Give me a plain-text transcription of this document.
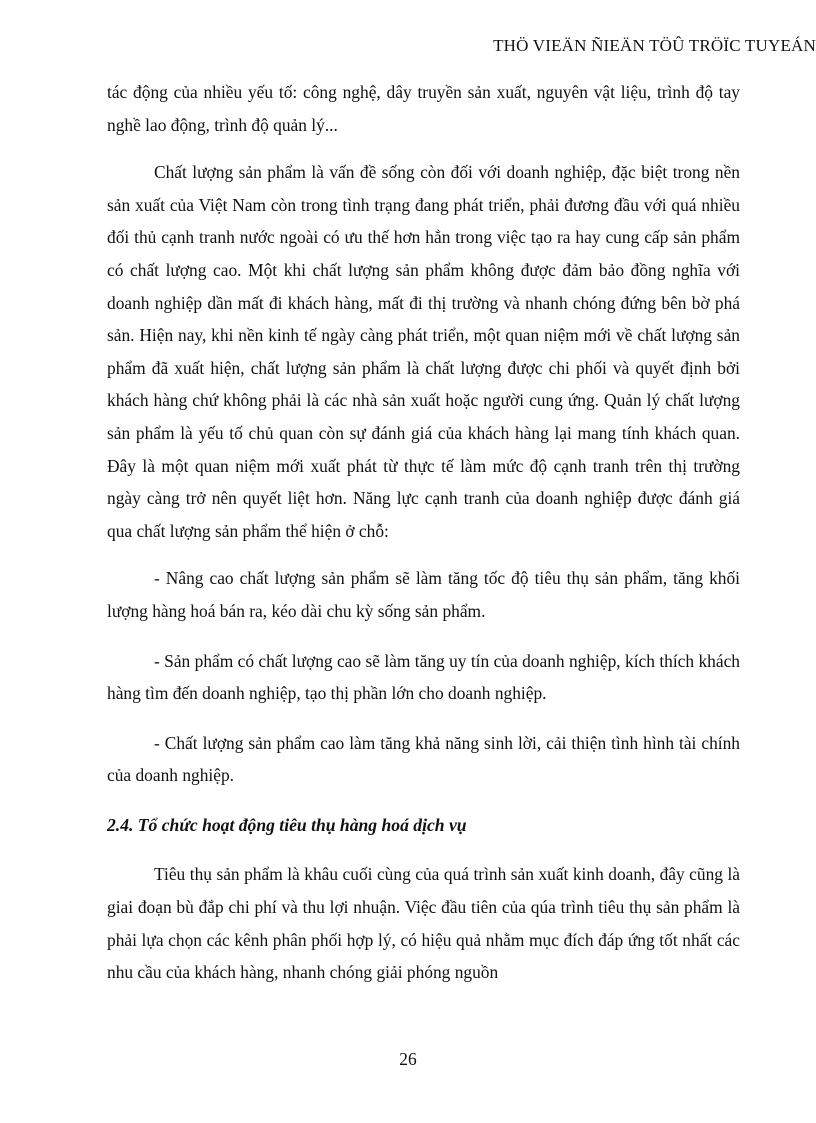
THÖ VIEÄN ÑIEÄN TÖÛ TRÖÏC TUYEÁN

tác động của nhiều yếu tố: công nghệ, dây truyền sản xuất, nguyên vật liệu, trình độ tay nghề lao động, trình độ quản lý...

Chất lượng sản phẩm là vấn đề sống còn đối với doanh nghiệp, đặc biệt trong nền sản xuất của Việt Nam còn trong tình trạng đang phát triển, phải đương đầu với quá nhiều đối thủ cạnh tranh nước ngoài có ưu thế hơn hẳn trong việc tạo ra hay cung cấp sản phẩm có chất lượng cao. Một khi chất lượng sản phẩm không được đảm bảo đồng nghĩa với doanh nghiệp dần mất đi khách hàng, mất đi thị trường và nhanh chóng đứng bên bờ phá sản. Hiện nay, khi nền kinh tế ngày càng phát triển, một quan niệm mới về chất lượng sản phẩm đã xuất hiện, chất lượng sản phẩm là chất lượng được chi phối và quyết định bởi khách hàng chứ không phải là các nhà sản xuất hoặc người cung ứng. Quản lý chất lượng sản phẩm là yếu tố chủ quan còn sự đánh giá của khách hàng lại mang tính khách quan. Đây là một quan niệm mới xuất phát từ thực tế làm mức độ cạnh tranh trên thị trường ngày càng trở nên quyết liệt hơn. Năng lực cạnh tranh của doanh nghiệp được đánh giá qua chất lượng sản phẩm thể hiện ở chỗ:

- Nâng cao chất lượng sản phẩm sẽ làm tăng tốc độ tiêu thụ sản phẩm, tăng khối lượng hàng hoá bán ra, kéo dài chu kỳ sống sản phẩm.

- Sản phẩm có chất lượng cao sẽ làm tăng uy tín của doanh nghiệp, kích thích khách hàng tìm đến doanh nghiệp, tạo thị phần lớn cho doanh nghiệp.

- Chất lượng sản phẩm cao làm tăng khả năng sinh lời, cải thiện tình hình tài chính của doanh nghiệp.

2.4. Tổ chức hoạt động tiêu thụ hàng hoá dịch vụ

Tiêu thụ sản phẩm là khâu cuối cùng của quá trình sản xuất kinh doanh, đây cũng là giai đoạn bù đắp chi phí và thu lợi nhuận. Việc đầu tiên của qúa trình tiêu thụ sản phẩm là phải lựa chọn các kênh phân phối hợp lý, có hiệu quả nhằm mục đích đáp ứng tốt nhất các nhu cầu của khách hàng, nhanh chóng giải phóng nguồn

26
